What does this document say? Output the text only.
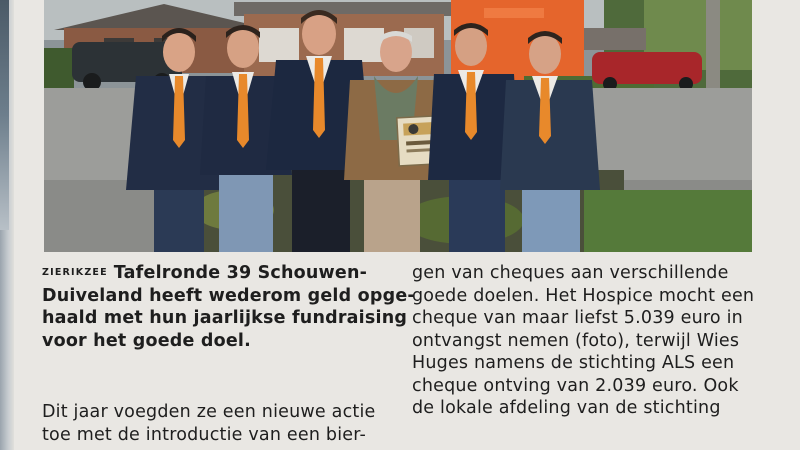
ZIERIKZEE Tafelronde 39 Schouwen-
Duiveland heeft wederom geld opge-
haald met hun jaarlijkse fundraising
voor het goede doel.
Dit jaar voegden ze een nieuwe actie
toe met de introductie van een bier-
gen van cheques aan verschillende
goede doelen. Het Hospice mocht een
cheque van maar liefst 5.039 euro in
ontvangst nemen (foto), terwijl Wies
Huges namens de stichting ALS een
cheque ontving van 2.039 euro. Ook
de lokale afdeling van de stichting
